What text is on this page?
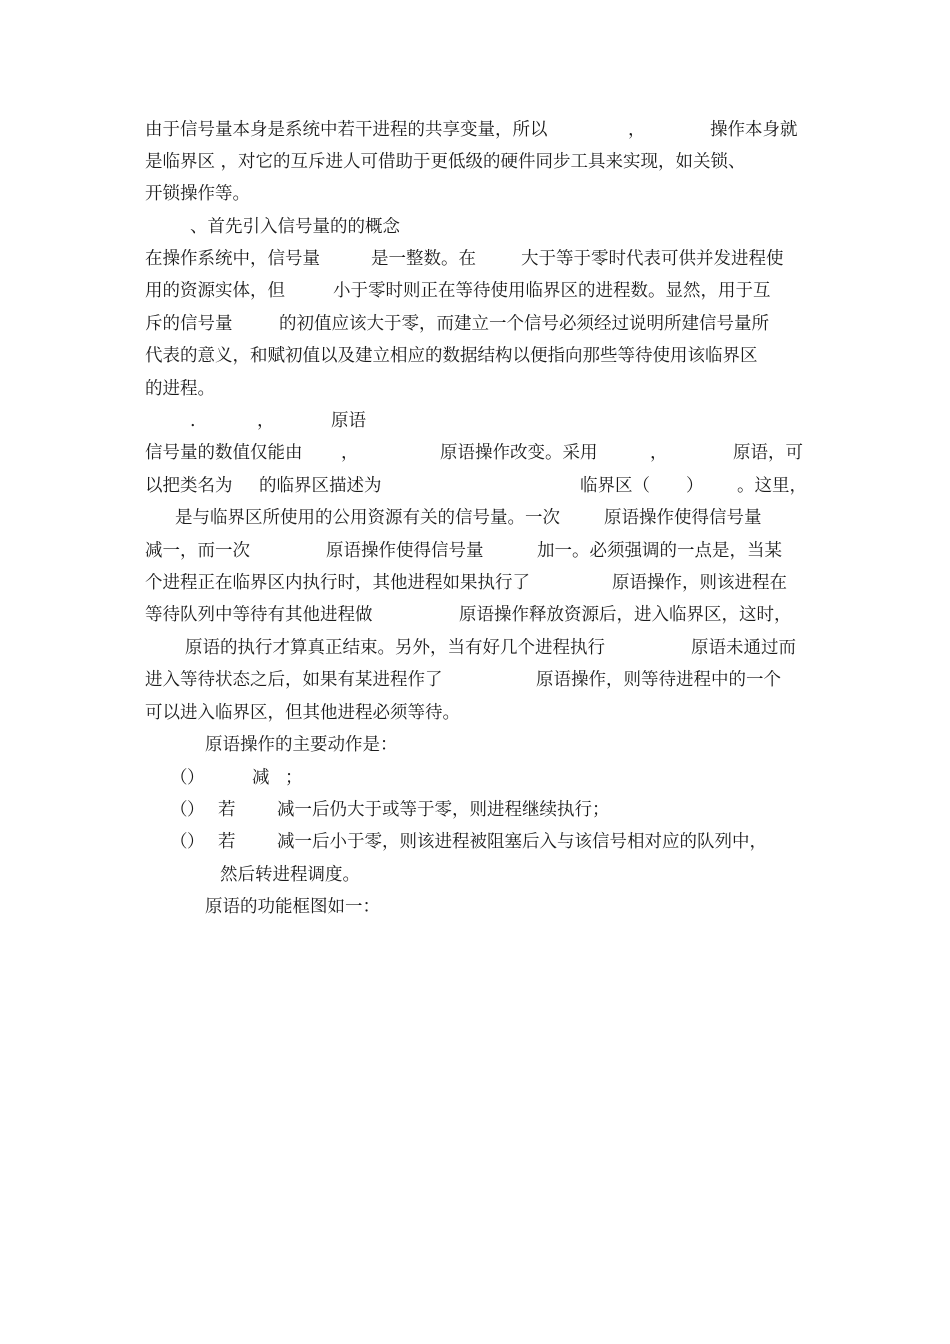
由于信号量本身是系统中若干进程的共享变量，所以	，	操作本身就
是临界区 ，对它的互斥进人可借助于更低级的硬件同步工具来实现，如关锁、
开锁操作等。
、首先引入信号量的的概念
在操作系统中，信号量	是一整数。在	大于等于零时代表可供并发进程使
用的资源实体，但	小于零时则正在等待使用临界区的进程数。显然，用于互
斥的信号量	的初值应该大于零，而建立一个信号必须经过说明所建信号量所
代表的意义，和赋初值以及建立相应的数据结构以便指向那些等待使用该临界区
的进程。
.	，	原语
信号量的数值仅能由 ，	原语操作改变。采用	，	原语，可
以把类名为 的临界区描述为	临界区（ ） 。这里，
是与临界区所使用的公用资源有关的信号量。一次	原语操作使得信号量
减一，而一次	原语操作使得信号量	加一。必须强调的一点是，当某
个进程正在临界区内执行时，其他进程如果执行了	原语操作，则该进程在
等待队列中等待有其他进程做	原语操作释放资源后，进入临界区，这时，
原语的执行才算真正结束。另外，当有好几个进程执行	原语未通过而
进入等待状态之后，如果有某进程作了	原语操作，则等待进程中的一个
可以进入临界区，但其他进程必须等待。
原语操作的主要动作是：
（ ）	减 ；
（ ） 若 减一后仍大于或等于零，则进程继续执行；
（ ） 若 减一后小于零，则该进程被阻塞后入与该信号相对应的队列中，
然后转进程调度。
原语的功能框图如一：
